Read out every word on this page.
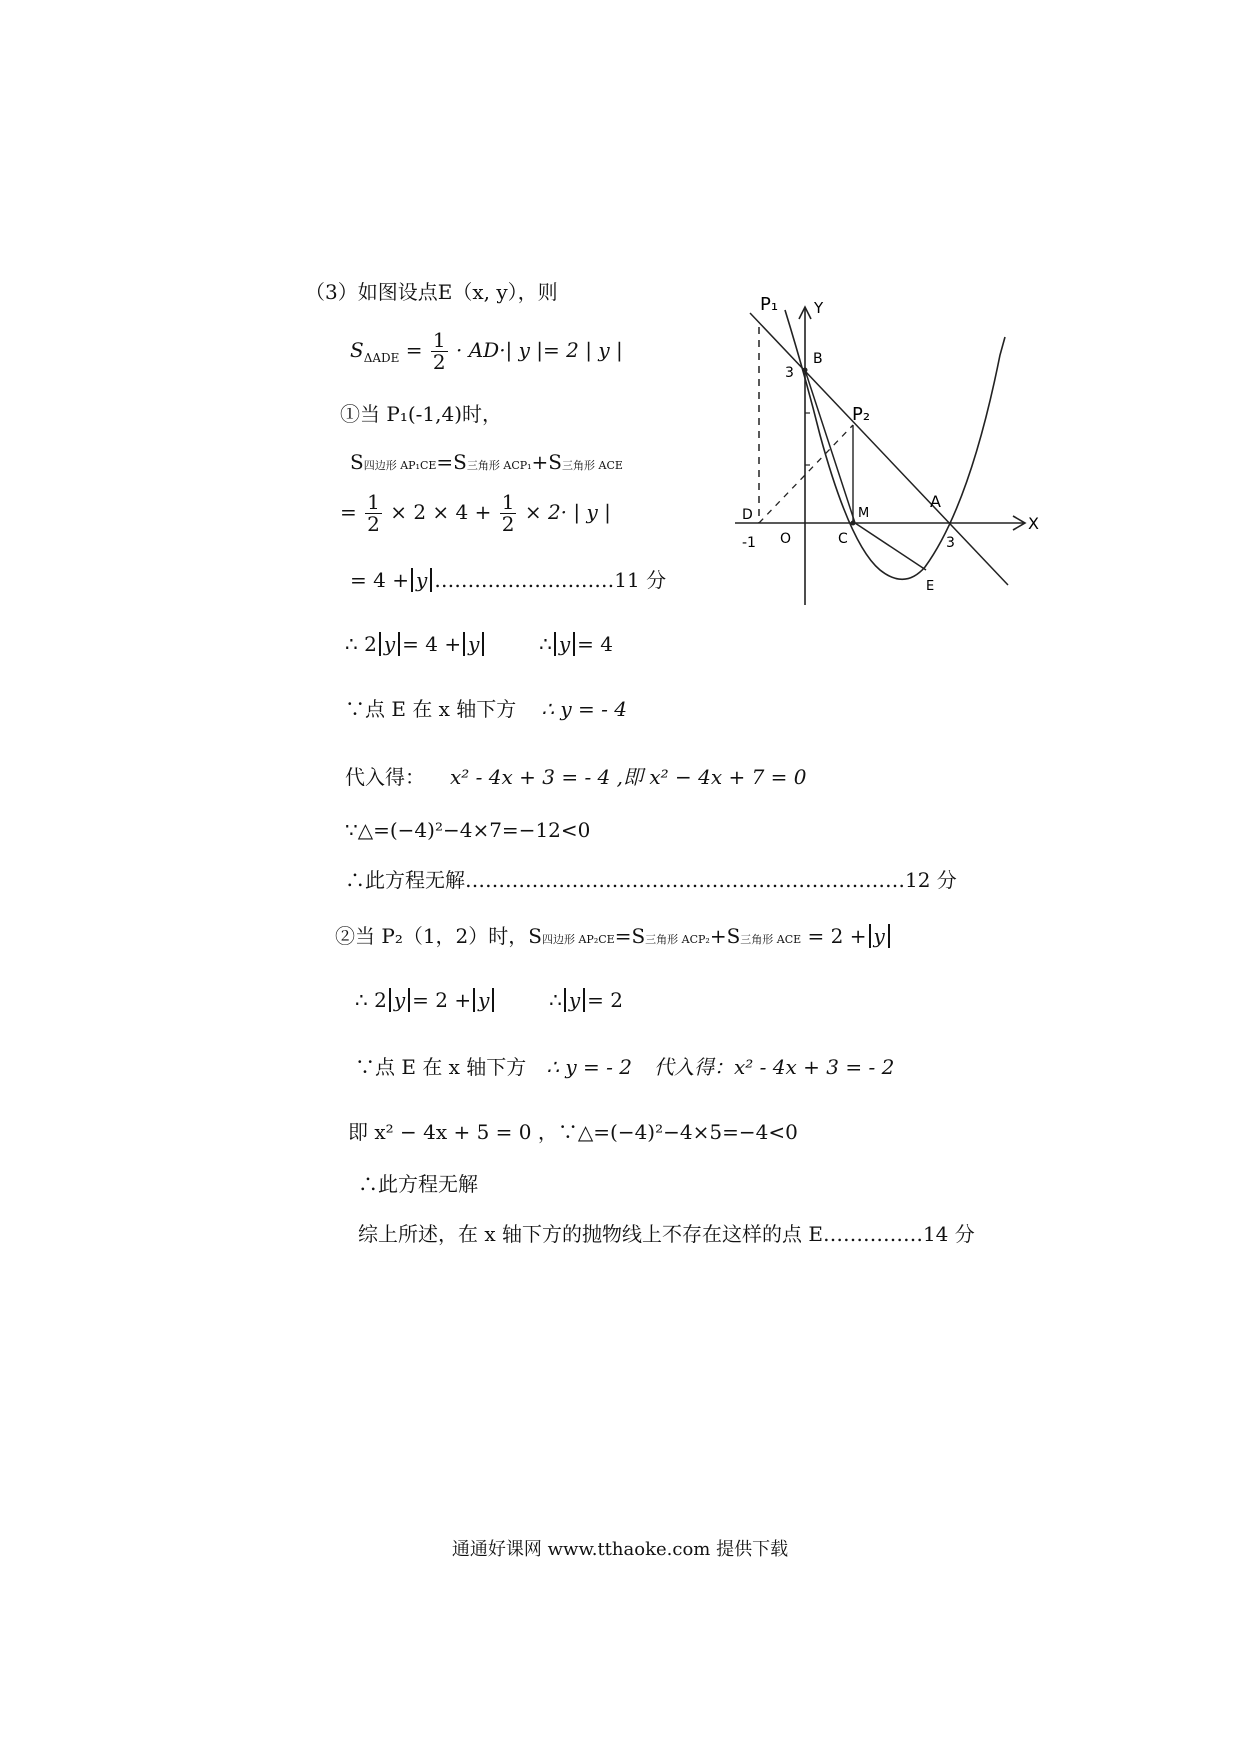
（3）如图设点E（x, y），则
$S_{\Delta ADE} = \frac{1}{2} \cdot AD\cdot|$ y |= 2 | y |
①当 P₁(-1,4)时，
S四边形 AP₁CE=S三角形 ACP₁+S三角形 ACE
= $\frac{1}{2} \times 2 \times 4 + \frac{1}{2} \times 2\cdot$ | y |
= 4 + y ………………………11 分
∴ 2 y = 4 + y	∴ y = 4
∵点 E 在 x 轴下方 ∴ y = - 4
代入得： x² - 4x + 3 = - 4 ,即 x² − 4x + 7 = 0
∵△=(−4)²−4×7=−12<0
∴此方程无解…………………………………………………………12 分
②当 P₂（1，2）时，S四边形 AP₂CE=S三角形 ACP₂+S三角形 ACE = 2 + y
∴ 2 y = 2 + y	∴ y = 2
∵点 E 在 x 轴下方 ∴ y = - 2 代入得：x² - 4x + 3 = - 2
即 x² − 4x + 5 = 0 ，∵△=(−4)²−4×5=−4<0
∴此方程无解
综上所述，在 x 轴下方的抛物线上不存在这样的点 E……………14 分
P₁ Y
B
3
P₂
A
M
C
D
O
-1	3
X
E
通通好课网 www.tthaoke.com 提供下载
